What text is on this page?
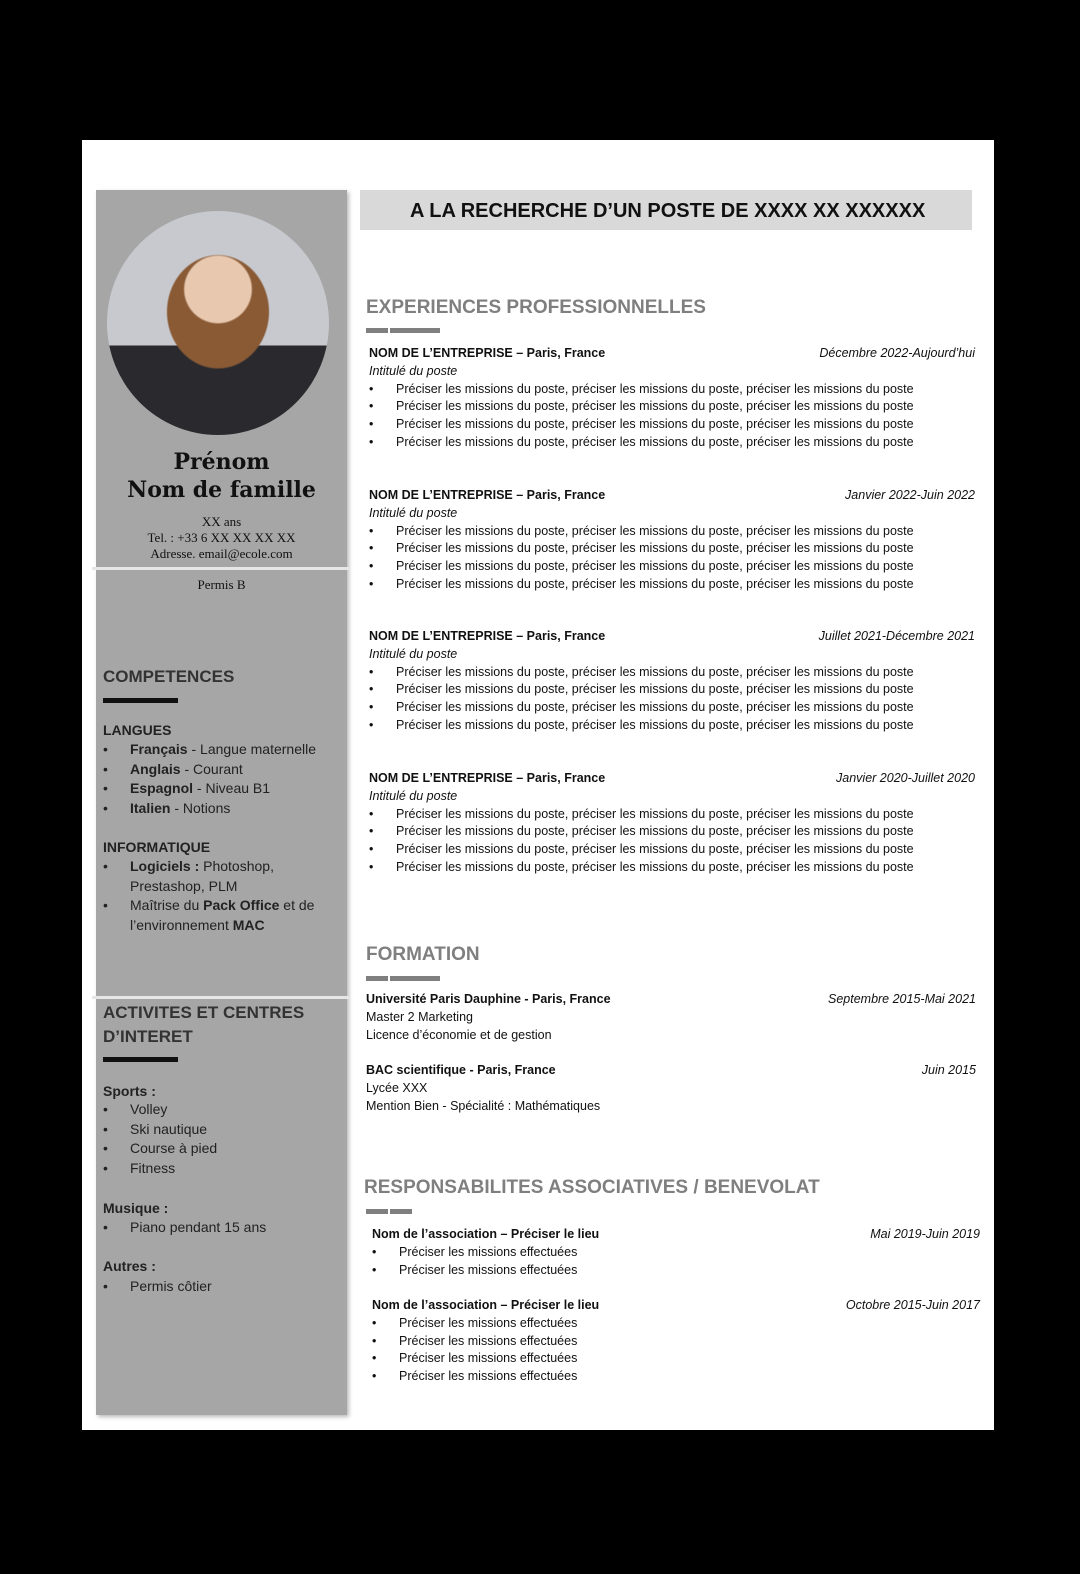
Prénom
Nom de famille
XX ans
Tel. : +33 6 XX XX XX XX
Adresse. email@ecole.com
Permis B
COMPETENCES
LANGUES
• Français - Langue maternelle
• Anglais - Courant
• Espagnol - Niveau B1
• Italien - Notions
INFORMATIQUE
• Logiciels : Photoshop, Prestashop, PLM
• Maîtrise du Pack Office et de l’environnement MAC
ACTIVITES ET CENTRES D’INTERET
Sports :
• Volley
• Ski nautique
• Course à pied
• Fitness
Musique :
• Piano pendant 15 ans
Autres :
• Permis côtier
A LA RECHERCHE D’UN POSTE DE XXXX XX XXXXXX
EXPERIENCES PROFESSIONNELLES
NOM DE L’ENTREPRISE – Paris, France	Décembre 2022-Aujourd’hui
Intitulé du poste
• Préciser les missions du poste, préciser les missions du poste, préciser les missions du poste
• Préciser les missions du poste, préciser les missions du poste, préciser les missions du poste
• Préciser les missions du poste, préciser les missions du poste, préciser les missions du poste
• Préciser les missions du poste, préciser les missions du poste, préciser les missions du poste
NOM DE L’ENTREPRISE – Paris, France	Janvier 2022-Juin 2022
Intitulé du poste
• Préciser les missions du poste, préciser les missions du poste, préciser les missions du poste
• Préciser les missions du poste, préciser les missions du poste, préciser les missions du poste
• Préciser les missions du poste, préciser les missions du poste, préciser les missions du poste
• Préciser les missions du poste, préciser les missions du poste, préciser les missions du poste
NOM DE L’ENTREPRISE – Paris, France	Juillet 2021-Décembre 2021
Intitulé du poste
• Préciser les missions du poste, préciser les missions du poste, préciser les missions du poste
• Préciser les missions du poste, préciser les missions du poste, préciser les missions du poste
• Préciser les missions du poste, préciser les missions du poste, préciser les missions du poste
• Préciser les missions du poste, préciser les missions du poste, préciser les missions du poste
NOM DE L’ENTREPRISE – Paris, France	Janvier 2020-Juillet 2020
Intitulé du poste
• Préciser les missions du poste, préciser les missions du poste, préciser les missions du poste
• Préciser les missions du poste, préciser les missions du poste, préciser les missions du poste
• Préciser les missions du poste, préciser les missions du poste, préciser les missions du poste
• Préciser les missions du poste, préciser les missions du poste, préciser les missions du poste
FORMATION
Université Paris Dauphine - Paris, France	Septembre 2015-Mai 2021
Master 2 Marketing
Licence d’économie et de gestion
BAC scientifique - Paris, France	Juin 2015
Lycée XXX
Mention Bien - Spécialité : Mathématiques
RESPONSABILITES ASSOCIATIVES / BENEVOLAT
Nom de l’association – Préciser le lieu	Mai 2019-Juin 2019
• Préciser les missions effectuées
• Préciser les missions effectuées
Nom de l’association – Préciser le lieu	Octobre 2015-Juin 2017
• Préciser les missions effectuées
• Préciser les missions effectuées
• Préciser les missions effectuées
• Préciser les missions effectuées
